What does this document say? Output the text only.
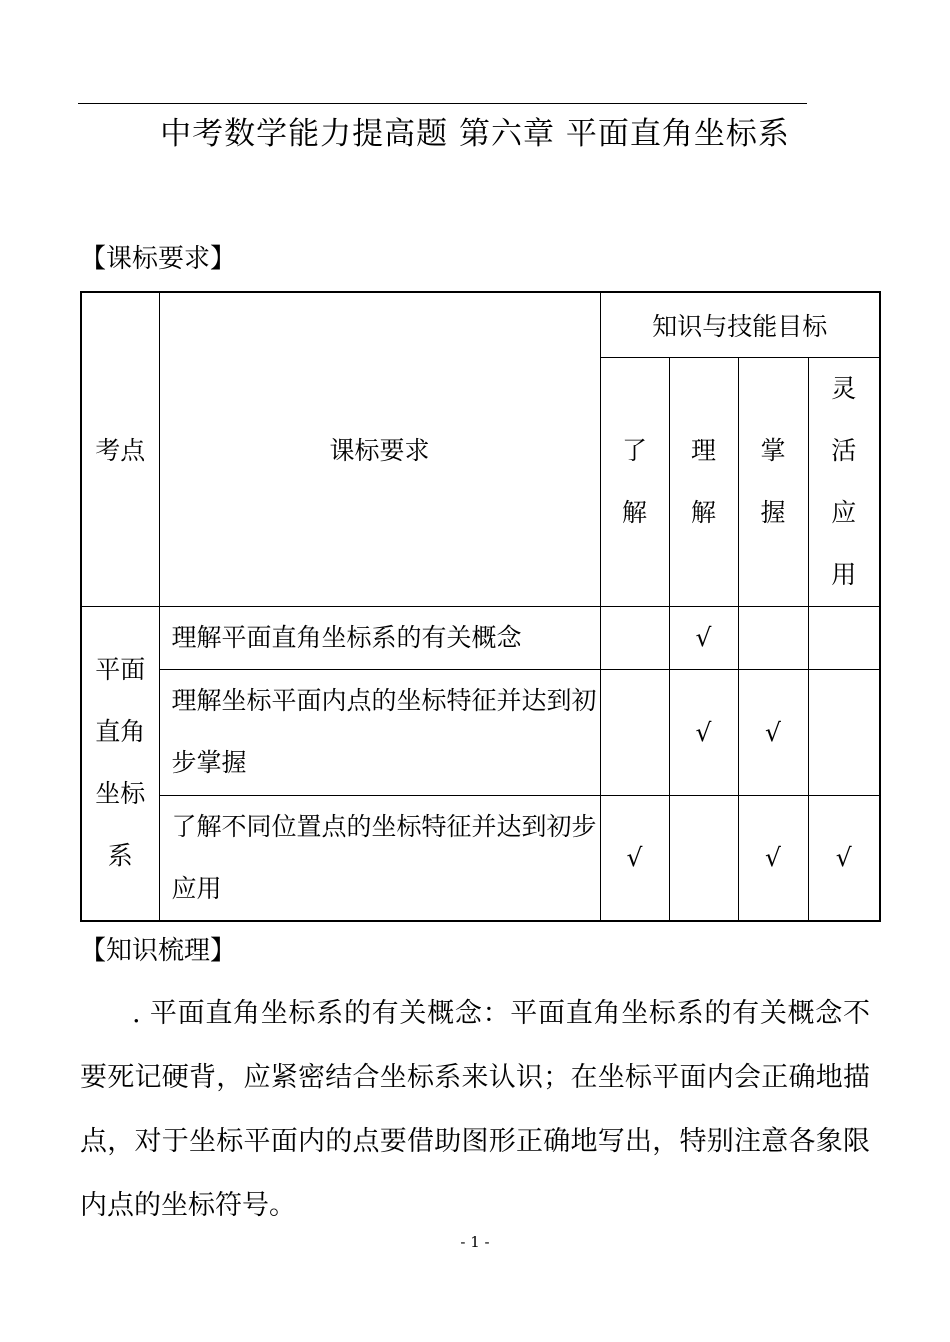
中考数学能力提高题 第六章 平面直角坐标系
【课标要求】
考点	课标要求	知识与技能目标			
		了解	理解	掌握	灵活应用
平面直角坐标系	理解平面直角坐标系的有关概念		√		
	理解坐标平面内点的坐标特征并达到初步掌握		√	√	
	了解不同位置点的坐标特征并达到初步应用	√		√	√
【知识梳理】
. 平面直角坐标系的有关概念：平面直角坐标系的有关概念不要死记硬背，应紧密结合坐标系来认识；在坐标平面内会正确地描点，对于坐标平面内的点要借助图形正确地写出，特别注意各象限内点的坐标符号。
- 1 -
